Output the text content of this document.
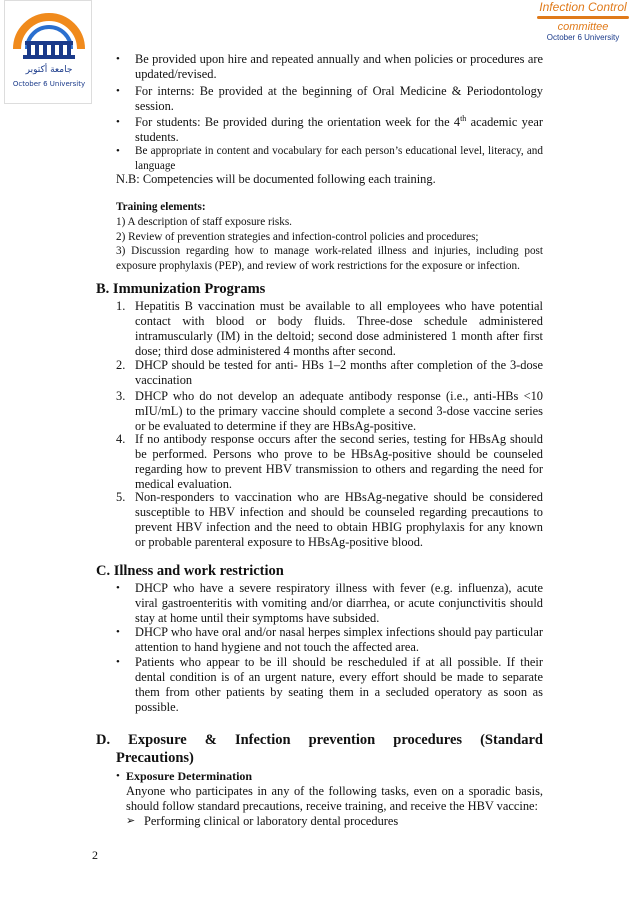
جامعة أكتوبر
October 6 University
Infection Control
committee
October 6 University
• Be provided upon hire and repeated annually and when policies or procedures are updated/revised.
• For interns: Be provided at the beginning of Oral Medicine & Periodontology session.
• For students: Be provided during the orientation week for the 4th academic year students.
• Be appropriate in content and vocabulary for each person’s educational level, literacy, and language
N.B: Competencies will be documented following each training.
Training elements:
1) A description of staff exposure risks.
2) Review of prevention strategies and infection-control policies and procedures;
3) Discussion regarding how to manage work-related illness and injuries, including post exposure prophylaxis (PEP), and review of work restrictions for the exposure or infection.
B. Immunization Programs
1. Hepatitis B vaccination must be available to all employees who have potential contact with blood or body fluids. Three-dose schedule administered intramuscularly (IM) in the deltoid; second dose administered 1 month after first dose; third dose administered 4 months after second.
2. DHCP should be tested for anti- HBs 1–2 months after completion of the 3-dose vaccination
3. DHCP who do not develop an adequate antibody response (i.e., anti-HBs <10 mIU/mL) to the primary vaccine should complete a second 3-dose vaccine series or be evaluated to determine if they are HBsAg-positive.
4. If no antibody response occurs after the second series, testing for HBsAg should be performed. Persons who prove to be HBsAg-positive should be counseled regarding how to prevent HBV transmission to others and regarding the need for medical evaluation.
5. Non-responders to vaccination who are HBsAg-negative should be considered susceptible to HBV infection and should be counseled regarding precautions to prevent HBV infection and the need to obtain HBIG prophylaxis for any known or probable parenteral exposure to HBsAg-positive blood.
C. Illness and work restriction
• DHCP who have a severe respiratory illness with fever (e.g. influenza), acute viral gastroenteritis with vomiting and/or diarrhea, or acute conjunctivitis should stay at home until their symptoms have subsided.
• DHCP who have oral and/or nasal herpes simplex infections should pay particular attention to hand hygiene and not touch the affected area.
• Patients who appear to be ill should be rescheduled if at all possible. If their dental condition is of an urgent nature, every effort should be made to separate them from other patients by seating them in a secluded operatory as soon as possible.
D. Exposure & Infection prevention procedures (Standard
Precautions)
• Exposure Determination
Anyone who participates in any of the following tasks, even on a sporadic basis, should follow standard precautions, receive training, and receive the HBV vaccine:
➢ Performing clinical or laboratory dental procedures
2
